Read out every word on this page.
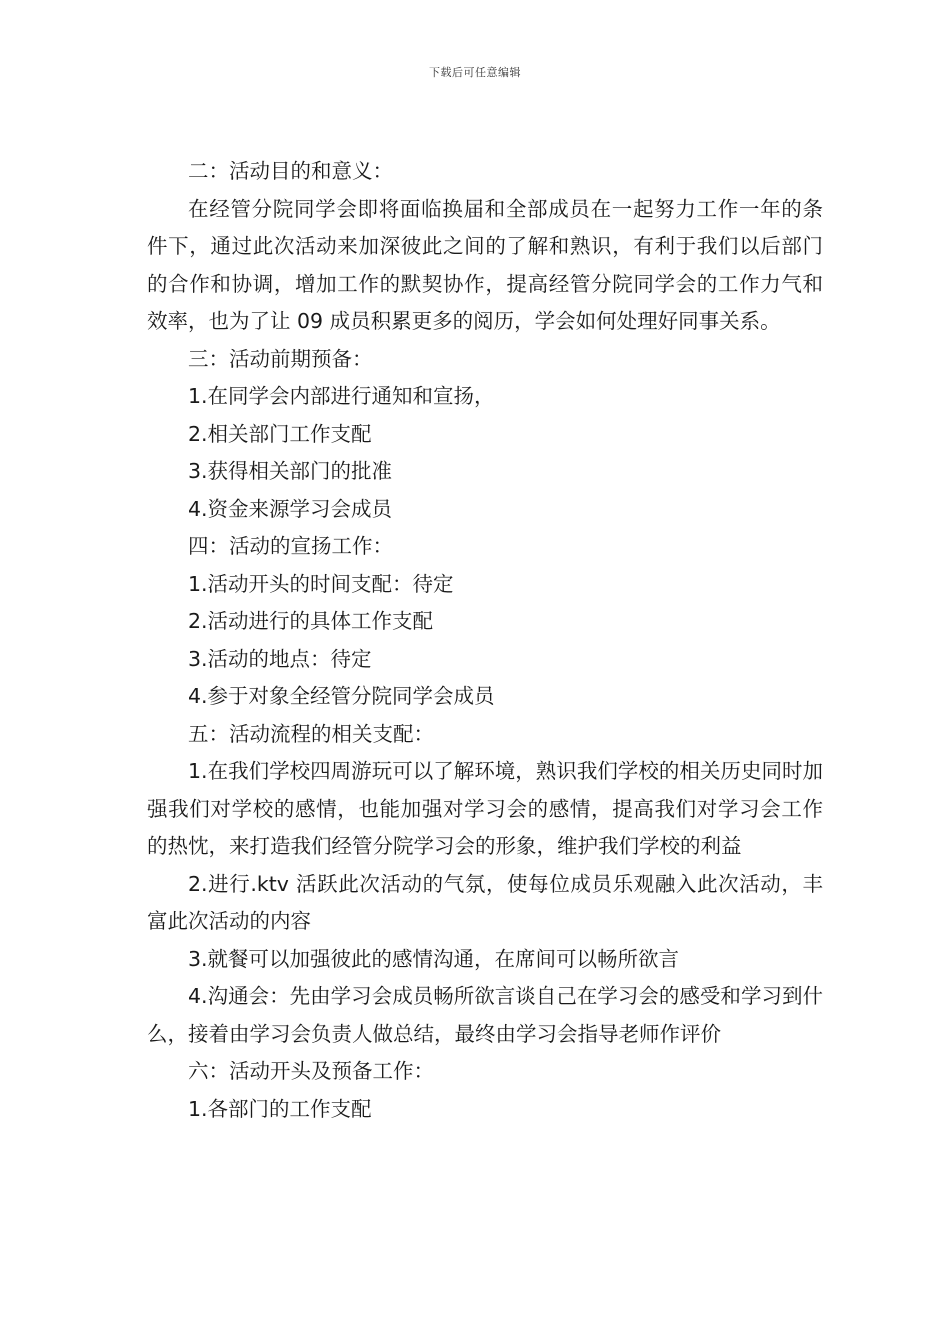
下载后可任意编辑

二：活动目的和意义：

在经管分院同学会即将面临换届和全部成员在一起努力工作一年的条件下，通过此次活动来加深彼此之间的了解和熟识，有利于我们以后部门的合作和协调，增加工作的默契协作，提高经管分院同学会的工作力气和效率，也为了让 09 成员积累更多的阅历，学会如何处理好同事关系。

三：活动前期预备：

1.在同学会内部进行通知和宣扬，

2.相关部门工作支配

3.获得相关部门的批准

4.资金来源学习会成员

四：活动的宣扬工作：

1.活动开头的时间支配：待定

2.活动进行的具体工作支配

3.活动的地点：待定

4.参于对象全经管分院同学会成员

五：活动流程的相关支配：

1.在我们学校四周游玩可以了解环境，熟识我们学校的相关历史同时加强我们对学校的感情，也能加强对学习会的感情，提高我们对学习会工作的热忱，来打造我们经管分院学习会的形象，维护我们学校的利益

2.进行.ktv 活跃此次活动的气氛，使每位成员乐观融入此次活动，丰富此次活动的内容

3.就餐可以加强彼此的感情沟通，在席间可以畅所欲言

4.沟通会：先由学习会成员畅所欲言谈自己在学习会的感受和学习到什么，接着由学习会负责人做总结，最终由学习会指导老师作评价

六：活动开头及预备工作：

1.各部门的工作支配
